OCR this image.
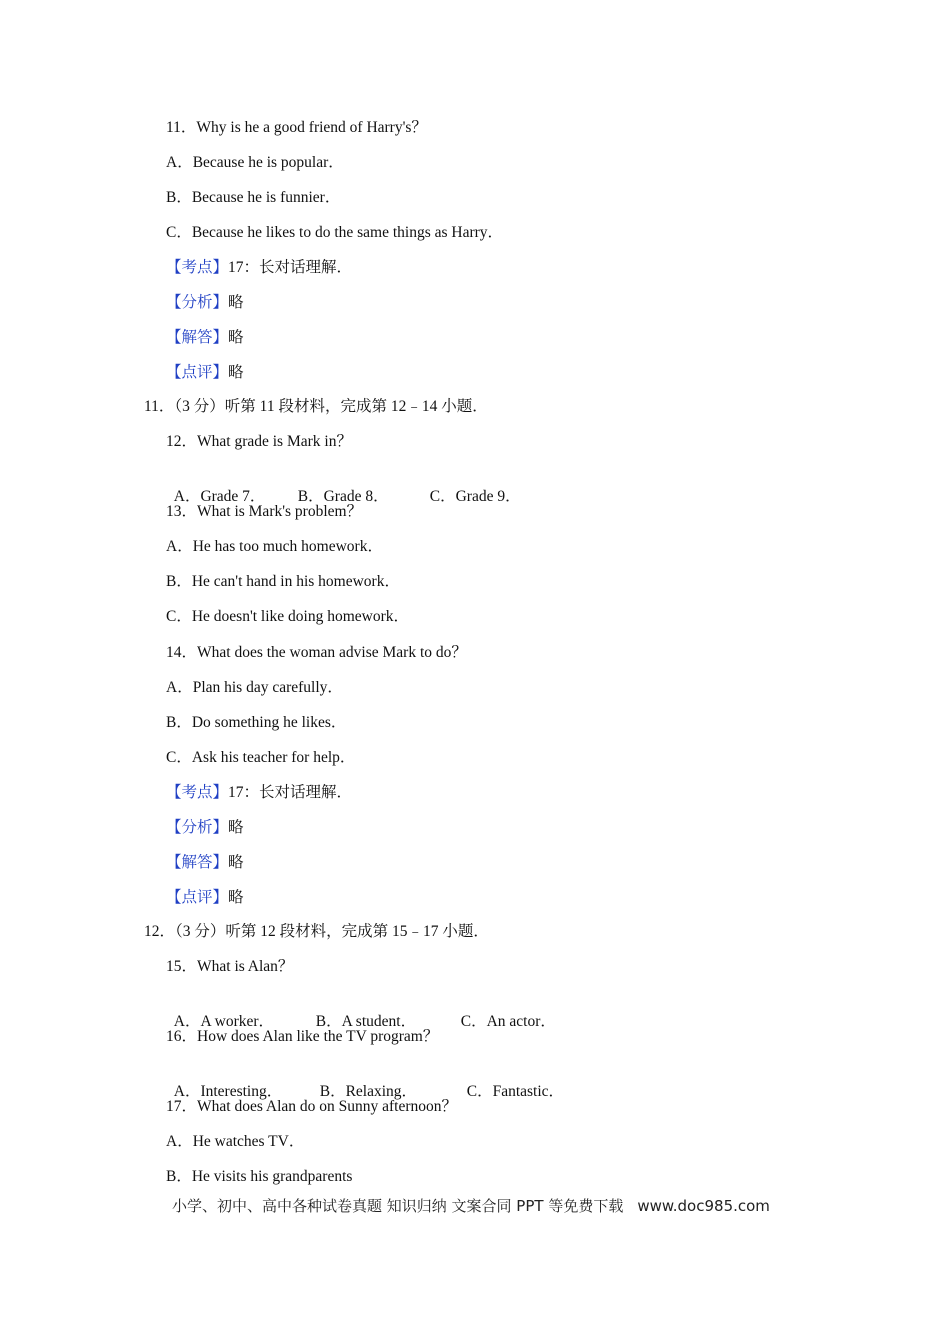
11．Why is he a good friend of Harry's？
A．Because he is popular．
B．Because he is funnier．
C．Because he likes to do the same things as Harry．
【考点】17：长对话理解．
【分析】略
【解答】略
【点评】略
11．（3 分）听第 11 段材料，完成第 12﹣14 小题．
12．What grade is Mark in？

A．Grade 7． B．Grade 8．	C．Grade 9．

13．What is Mark's problem？
A．He has too much homework．
B．He can't hand in his homework．
C．He doesn't like doing homework．
14．What does the woman advise Mark to do？
A．Plan his day carefully．
B．Do something he likes．
C．Ask his teacher for help．
【考点】17：长对话理解．
【分析】略
【解答】略
【点评】略
12．（3 分）听第 12 段材料，完成第 15﹣17 小题．
15．What is Alan？

A．A worker．	B．A student．	C．An actor．

16．How does Alan like the TV program？

A．Interesting． B．Relaxing．	C．Fantastic．

17．What does Alan do on Sunny afternoon？
A．He watches TV．
B．He visits his grandparents
小学、初中、高中各种试卷真题 知识归纳 文案合同 PPT 等免费下载 www.doc985.com
